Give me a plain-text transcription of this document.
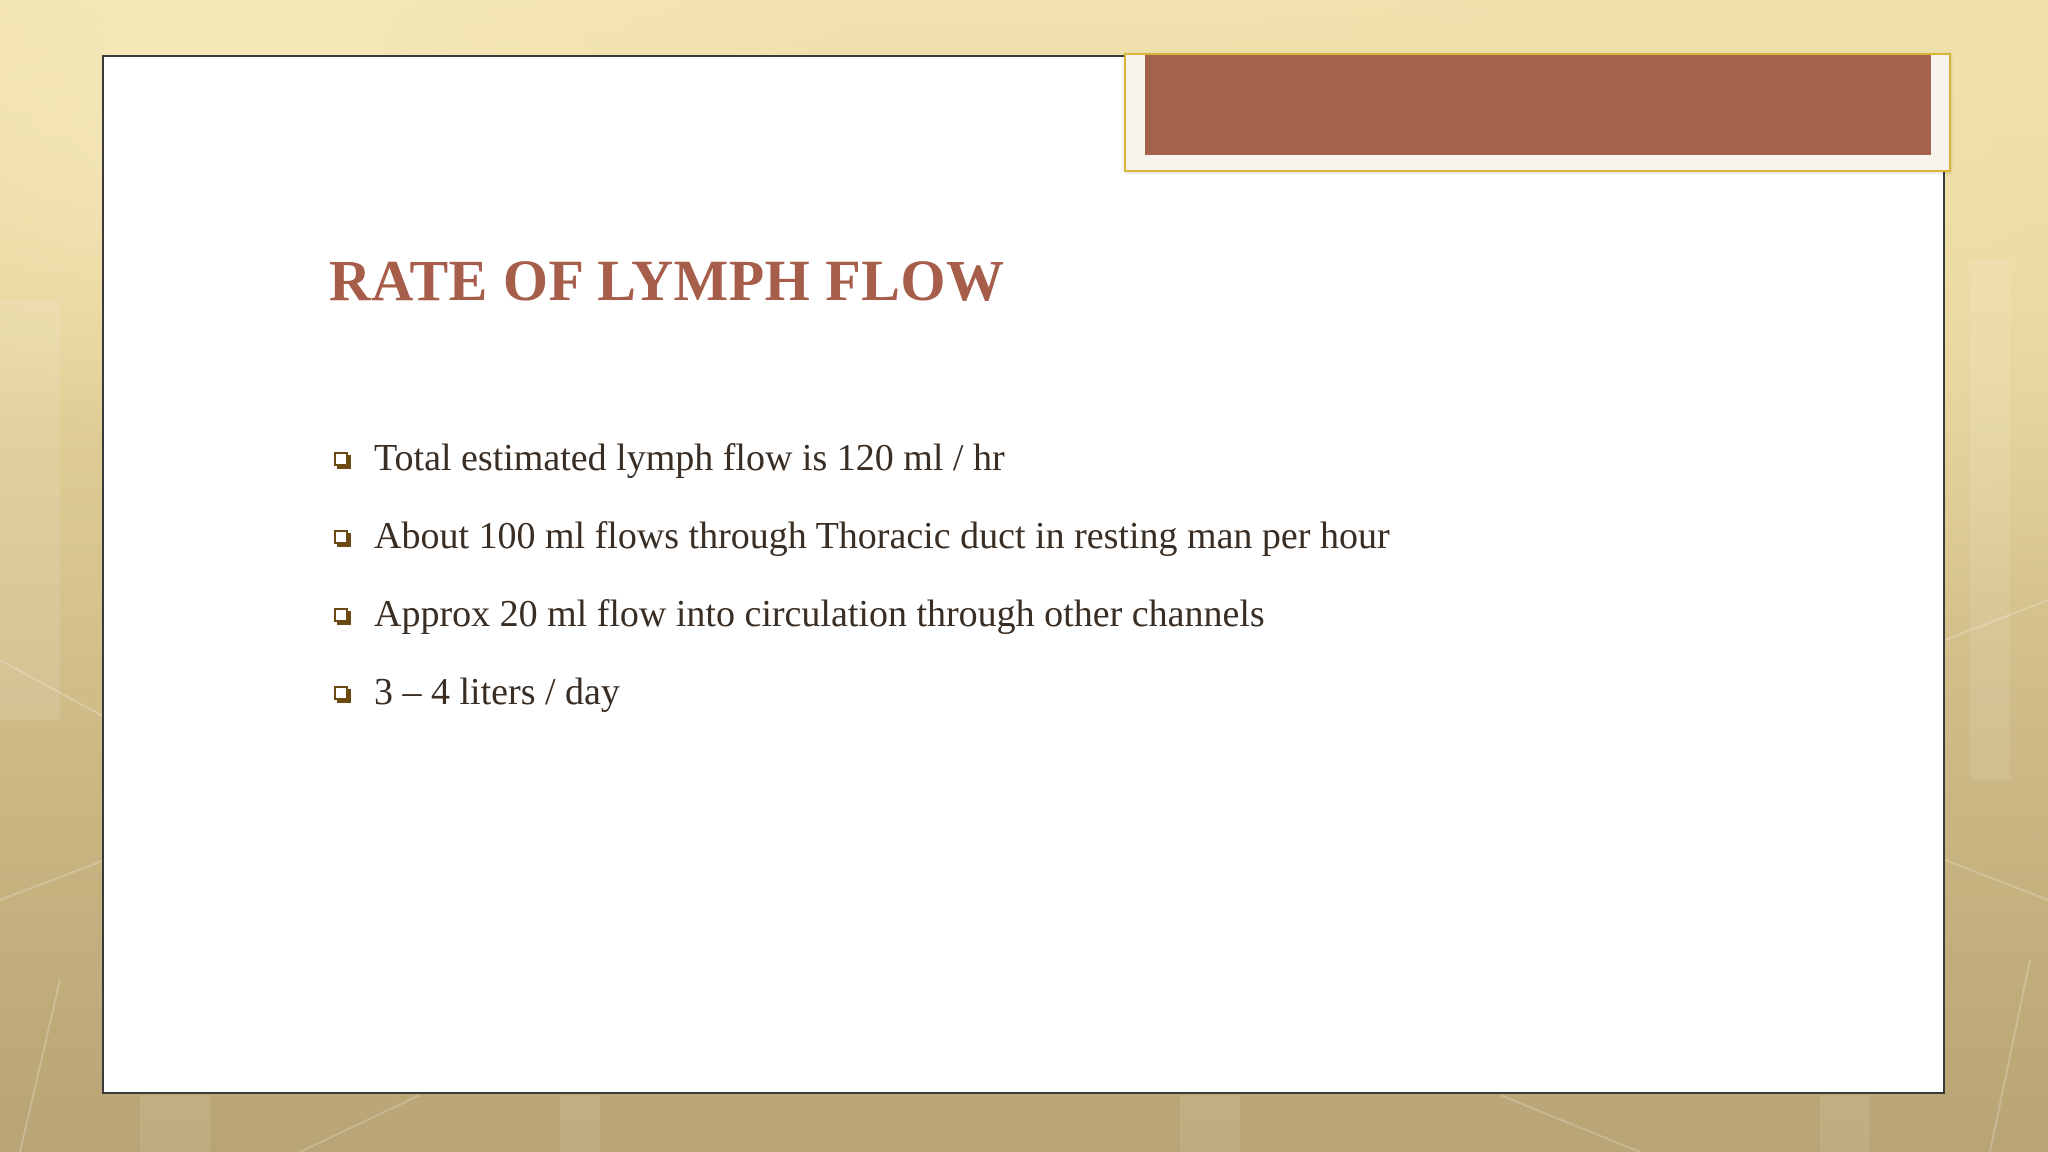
RATE OF LYMPH FLOW
Total estimated lymph flow is 120 ml / hr
About 100 ml flows through Thoracic duct in resting man per hour
Approx 20 ml flow into circulation through other channels
3 – 4 liters / day
